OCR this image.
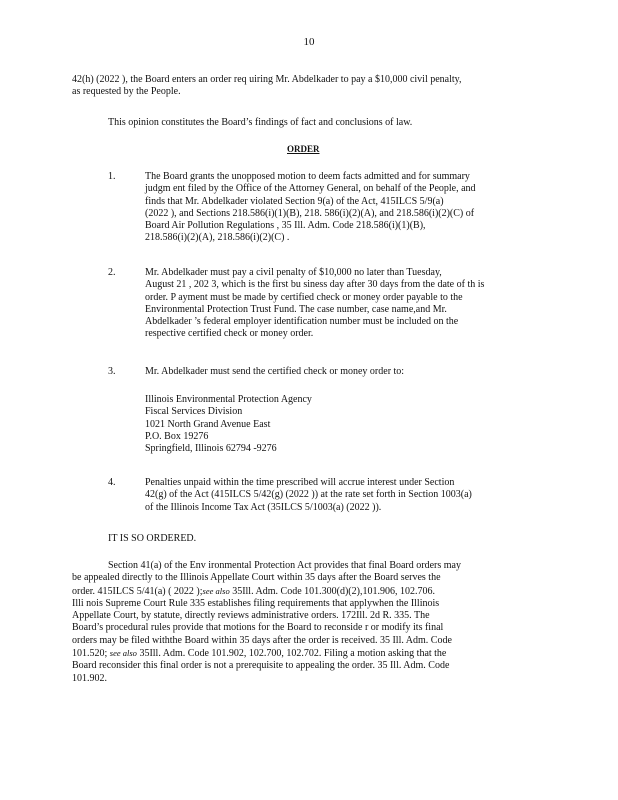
10

42(h) (2022 ), the Board enters an order req uiring Mr. Abdelkader to pay a $10,000 civil penalty,

as requested by the People.

This opinion constitutes the Board’s findings of fact and conclusions of law.

ORDER
1.	The Board grants the unopposed motion to deem facts admitted and for summary

judgm ent filed by the Office of the Attorney General, on behalf of the People, and

finds that Mr. Abdelkader violated Section 9(a) of the Act, 415ILCS 5/9(a)

(2022 ), and Sections 218.586(i)(1)(B), 218. 586(i)(2)(A), and 218.586(i)(2)(C) of

Board Air Pollution Regulations , 35 Ill. Adm. Code 218.586(i)(1)(B),

218.586(i)(2)(A), 218.586(i)(2)(C) .

2.	Mr. Abdelkader must pay a civil penalty of $10,000 no later than Tuesday,

August 21 , 202 3, which is the first bu siness day after 30 days from the date of th is

order. P ayment must be made by certified check or money order payable to the

Environmental Protection Trust Fund. The case number, case name,and Mr.

Abdelkader ’s federal employer identification number must be included on the

respective certified check or money order.

3.	Mr. Abdelkader must send the certified check or money order to:

Illinois Environmental Protection Agency

Fiscal Services Division

1021 North Grand Avenue East

P.O. Box 19276

Springfield, Illinois 62794 -9276

4.	Penalties unpaid within the time prescribed will accrue interest under Section

42(g) of the Act (415ILCS 5/42(g) (2022 )) at the rate set forth in Section 1003(a)

of the Illinois Income Tax Act (35ILCS 5/1003(a) (2022 )).

IT IS SO ORDERED.

Section 41(a) of the Env ironmental Protection Act provides that final Board orders may

be appealed directly to the Illinois Appellate Court within 35 days after the Board serves the

order. 415ILCS 5/41(a) ( 2022 );see also 35Ill. Adm. Code 101.300(d)(2),101.906, 102.706.

Illi nois Supreme Court Rule 335 establishes filing requirements that applywhen the Illinois

Appellate Court, by statute, directly reviews administrative orders. 172Ill. 2d R. 335. The

Board’s procedural rules provide that motions for the Board to reconside r or modify its final

orders may be filed withthe Board within 35 days after the order is received. 35 Ill. Adm. Code

101.520; see also 35Ill. Adm. Code 101.902, 102.700, 102.702. Filing a motion asking that the

Board reconsider this final order is not a prerequisite to appealing the order. 35 Ill. Adm. Code

101.902.
